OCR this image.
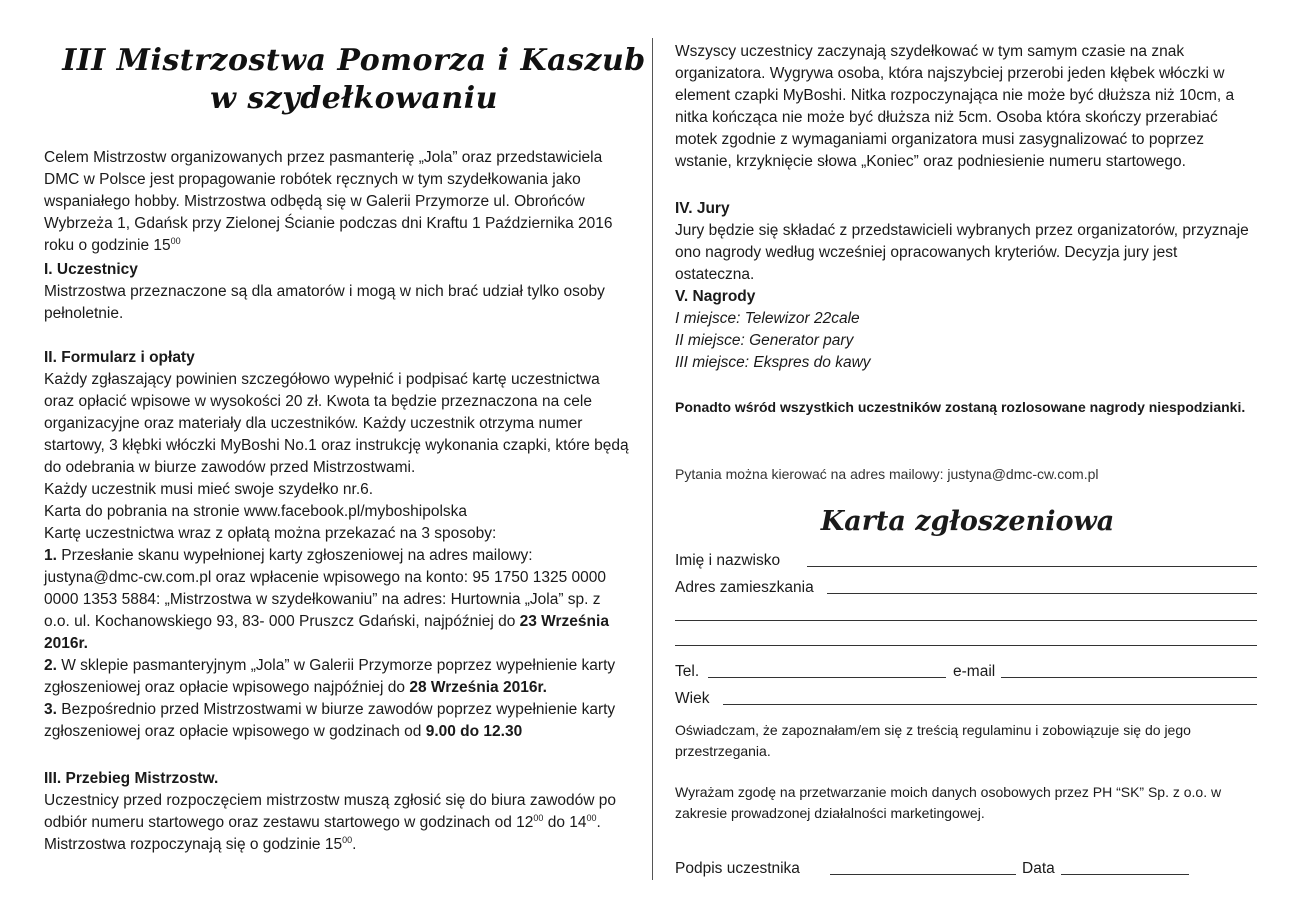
III Mistrzostwa Pomorza i Kaszub
w szydełkowaniu

Celem Mistrzostw organizowanych przez pasmanterię „Jola” oraz przedstawiciela DMC w Polsce jest propagowanie robótek ręcznych w tym szydełkowania jako wspaniałego hobby. Mistrzostwa odbędą się w Galerii Przymorze ul. Obrońców Wybrzeża 1, Gdańsk przy Zielonej Ścianie podczas dni Kraftu 1 Października 2016 roku o godzinie $15^{00}$

I. Uczestnicy

Mistrzostwa przeznaczone są dla amatorów i mogą w nich brać udział tylko osoby pełnoletnie.

II. Formularz i opłaty

Każdy zgłaszający powinien szczegółowo wypełnić i podpisać kartę uczestnictwa oraz opłacić wpisowe w wysokości 20 zł. Kwota ta będzie przeznaczona na cele organizacyjne oraz materiały dla uczestników. Każdy uczestnik otrzyma numer startowy, 3 kłębki włóczki MyBoshi No.1 oraz instrukcję wykonania czapki, które będą do odebrania w biurze zawodów przed Mistrzostwami.

Każdy uczestnik musi mieć swoje szydełko nr.6.

Karta do pobrania na stronie www.facebook.pl/myboshipolska

Kartę uczestnictwa wraz z opłatą można przekazać na 3 sposoby:

1. Przesłanie skanu wypełnionej karty zgłoszeniowej na adres mailowy: justyna@dmc-cw.com.pl oraz wpłacenie wpisowego na konto: 95 1750 1325 0000 0000 1353 5884: „Mistrzostwa w szydełkowaniu” na adres: Hurtownia „Jola” sp. z o.o. ul. Kochanowskiego 93, 83- 000 Pruszcz Gdański, najpóźniej do 23 Września 2016r.

2. W sklepie pasmanteryjnym „Jola” w Galerii Przymorze poprzez wypełnienie karty zgłoszeniowej oraz opłacie wpisowego najpóźniej do 28 Września 2016r.

3. Bezpośrednio przed Mistrzostwami w biurze zawodów poprzez wypełnienie karty zgłoszeniowej oraz opłacie wpisowego w godzinach od 9.00 do 12.30

III. Przebieg Mistrzostw.

Uczestnicy przed rozpoczęciem mistrzostw muszą zgłosić się do biura zawodów po odbiór numeru startowego oraz zestawu startowego w godzinach od $12^{00}$ do $14^{00}$. Mistrzostwa rozpoczynają się o godzinie $15^{00}$.

Wszyscy uczestnicy zaczynają szydełkować w tym samym czasie na znak organizatora. Wygrywa osoba, która najszybciej przerobi jeden kłębek włóczki w element czapki MyBoshi. Nitka rozpoczynająca nie może być dłuższa niż 10cm, a nitka kończąca nie może być dłuższa niż 5cm. Osoba która skończy przerabiać motek zgodnie z wymaganiami organizatora musi zasygnalizować to poprzez wstanie, krzyknięcie słowa „Koniec” oraz podniesienie numeru startowego.

IV. Jury

Jury będzie się składać z przedstawicieli wybranych przez organizatorów, przyznaje ono nagrody według wcześniej opracowanych kryteriów. Decyzja jury jest ostateczna.

V. Nagrody

I miejsce: Telewizor 22cale

II miejsce: Generator pary

III miejsce: Ekspres do kawy

Ponadto wśród wszystkich uczestników zostaną rozlosowane nagrody niespodzianki.

Pytania można kierować na adres mailowy: justyna@dmc-cw.com.pl

Karta zgłoszeniowa
Imię i nazwisko
Adres zamieszkania
Tel.	e-mail
Wiek
Oświadczam, że zapoznałam/em się z treścią regulaminu i zobowiązuje się do jego przestrzegania.
Wyrażam zgodę na przetwarzanie moich danych osobowych przez PH “SK” Sp. z o.o. w zakresie prowadzonej działalności marketingowej.
Podpis uczestnika	Data
